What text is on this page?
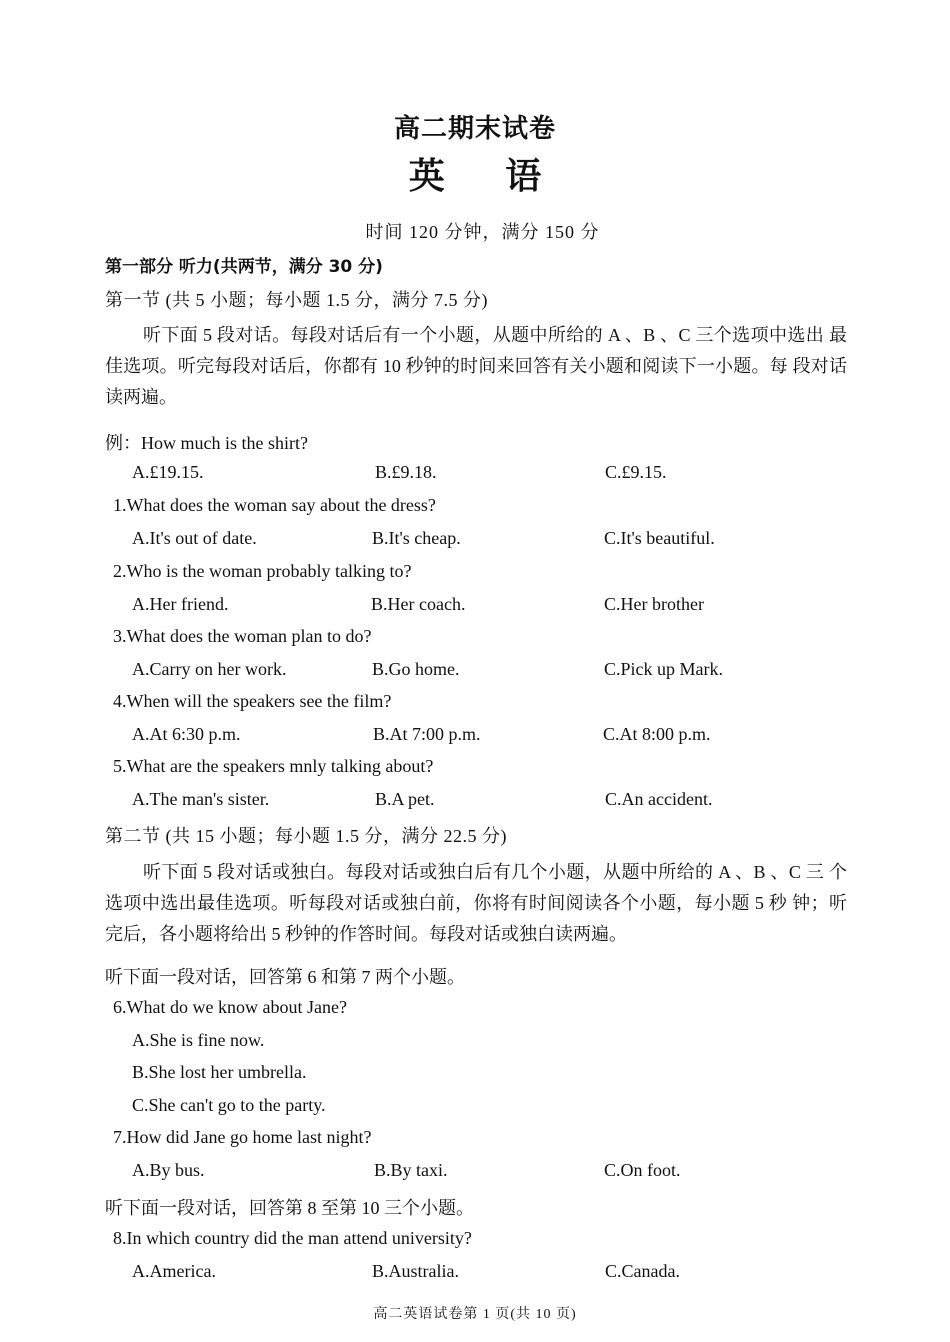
高二期末试卷
英 语
时间 120 分钟，满分 150 分
第一部分 听力(共两节，满分 30 分)
第一节 (共 5 小题；每小题 1.5 分，满分 7.5 分)
听下面 5 段对话。每段对话后有一个小题，从题中所给的 A 、B 、C 三个选项中选出 最佳选项。听完每段对话后，你都有 10 秒钟的时间来回答有关小题和阅读下一小题。每 段对话读两遍。
例：How much is the shirt?
A.£19.15.	B.£9.18.	C.£9.15.
1.What does the woman say about the dress?
A.It's out of date.	B.It's cheap.	C.It's beautiful.
2.Who is the woman probably talking to?
A.Her friend.	B.Her coach.	C.Her brother
3.What does the woman plan to do?
A.Carry on her work.	B.Go home.	C.Pick up Mark.
4.When will the speakers see the film?
A.At 6:30 p.m.	B.At 7:00 p.m.	C.At 8:00 p.m.
5.What are the speakers mnly talking about?
A.The man's sister.	B.A pet.	C.An accident.
第二节 (共 15 小题；每小题 1.5 分，满分 22.5 分)
听下面 5 段对话或独白。每段对话或独白后有几个小题，从题中所给的 A 、B 、C 三 个选项中选出最佳选项。听每段对话或独白前，你将有时间阅读各个小题，每小题 5 秒 钟；听完后，各小题将给出 5 秒钟的作答时间。每段对话或独白读两遍。
听下面一段对话，回答第 6 和第 7 两个小题。
6.What do we know about Jane?
A.She is fine now.
B.She lost her umbrella.
C.She can't go to the party.
7.How did Jane go home last night?
A.By bus.	B.By taxi.	C.On foot.
听下面一段对话，回答第 8 至第 10 三个小题。
8.In which country did the man attend university?
A.America.	B.Australia.	C.Canada.
高二英语试卷第 1 页(共 10 页)
